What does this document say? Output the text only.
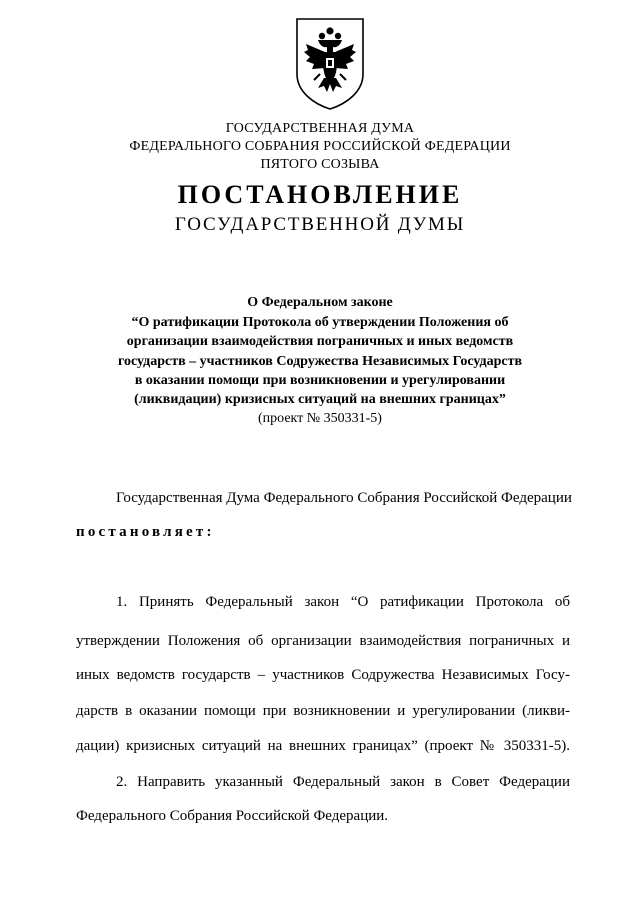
ГОСУДАРСТВЕННАЯ ДУМА
ФЕДЕРАЛЬНОГО СОБРАНИЯ РОССИЙСКОЙ ФЕДЕРАЦИИ
ПЯТОГО СОЗЫВА
ПОСТАНОВЛЕНИЕ
ГОСУДАРСТВЕННОЙ ДУМЫ
О Федеральном законе
“О ратификации Протокола об утверждении Положения об
организации взаимодействия пограничных и иных ведомств
государств – участников Содружества Независимых Государств
в оказании помощи при возникновении и урегулировании
(ликвидации) кризисных ситуаций на внешних границах”
(проект № 350331-5)
Государственная Дума Федерального Собрания Российской Федерации
постановляет:
1. Принять Федеральный закон “О ратификации Протокола об
утверждении Положения об организации взаимодействия пограничных и
иных ведомств государств – участников Содружества Независимых Госу-
дарств в оказании помощи при возникновении и урегулировании (ликви-
дации) кризисных ситуаций на внешних границах” (проект № 350331-5).
2. Направить указанный Федеральный закон в Совет Федерации
Федерального Собрания Российской Федерации.
